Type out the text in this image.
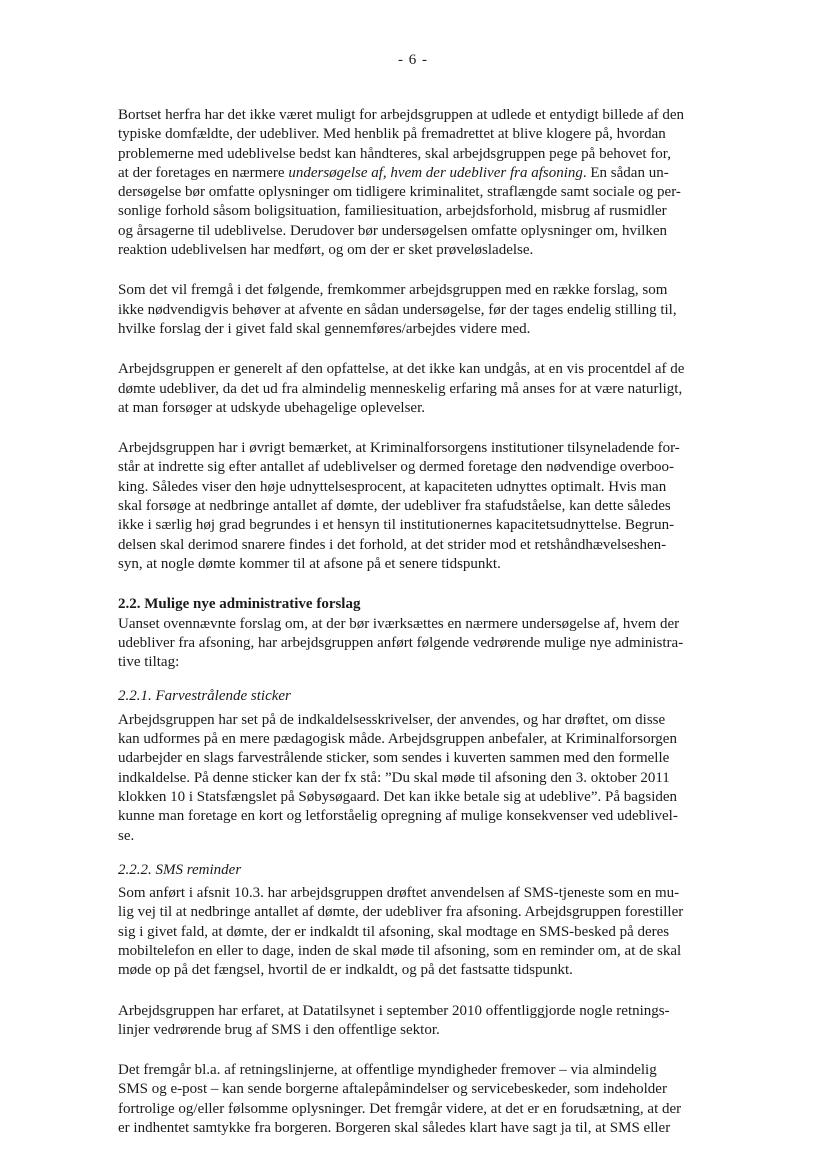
- 6 -
Bortset herfra har det ikke været muligt for arbejdsgruppen at udlede et entydigt billede af den
typiske domfældte, der udebliver. Med henblik på fremadrettet at blive klogere på, hvordan
problemerne med udeblivelse bedst kan håndteres, skal arbejdsgruppen pege på behovet for,
at der foretages en nærmere undersøgelse af, hvem der udebliver fra afsoning. En sådan un-
dersøgelse bør omfatte oplysninger om tidligere kriminalitet, straflængde samt sociale og per-
sonlige forhold såsom boligsituation, familiesituation, arbejdsforhold, misbrug af rusmidler
og årsagerne til udeblivelse. Derudover bør undersøgelsen omfatte oplysninger om, hvilken
reaktion udeblivelsen har medført, og om der er sket prøveløsladelse.
Som det vil fremgå i det følgende, fremkommer arbejdsgruppen med en række forslag, som
ikke nødvendigvis behøver at afvente en sådan undersøgelse, før der tages endelig stilling til,
hvilke forslag der i givet fald skal gennemføres/arbejdes videre med.
Arbejdsgruppen er generelt af den opfattelse, at det ikke kan undgås, at en vis procentdel af de
dømte udebliver, da det ud fra almindelig menneskelig erfaring må anses for at være naturligt,
at man forsøger at udskyde ubehagelige oplevelser.
Arbejdsgruppen har i øvrigt bemærket, at Kriminalforsorgens institutioner tilsyneladende for-
står at indrette sig efter antallet af udeblivelser og dermed foretage den nødvendige overboo-
king. Således viser den høje udnyttelsesprocent, at kapaciteten udnyttes optimalt. Hvis man
skal forsøge at nedbringe antallet af dømte, der udebliver fra stafudståelse, kan dette således
ikke i særlig høj grad begrundes i et hensyn til institutionernes kapacitetsudnyttelse. Begrun-
delsen skal derimod snarere findes i det forhold, at det strider mod et retshåndhævelseshen-
syn, at nogle dømte kommer til at afsone på et senere tidspunkt.
2.2. Mulige nye administrative forslag
Uanset ovennævnte forslag om, at der bør iværksættes en nærmere undersøgelse af, hvem der
udebliver fra afsoning, har arbejdsgruppen anført følgende vedrørende mulige nye administra-
tive tiltag:
2.2.1. Farvestrålende sticker
Arbejdsgruppen har set på de indkaldelsesskrivelser, der anvendes, og har drøftet, om disse
kan udformes på en mere pædagogisk måde. Arbejdsgruppen anbefaler, at Kriminalforsorgen
udarbejder en slags farvestrålende sticker, som sendes i kuverten sammen med den formelle
indkaldelse. På denne sticker kan der fx stå: ”Du skal møde til afsoning den 3. oktober 2011
klokken 10 i Statsfængslet på Søbysøgaard. Det kan ikke betale sig at udeblive”. På bagsiden
kunne man foretage en kort og letforståelig opregning af mulige konsekvenser ved udeblivel-
se.
2.2.2. SMS reminder
Som anført i afsnit 10.3. har arbejdsgruppen drøftet anvendelsen af SMS-tjeneste som en mu-
lig vej til at nedbringe antallet af dømte, der udebliver fra afsoning. Arbejdsgruppen forestiller
sig i givet fald, at dømte, der er indkaldt til afsoning, skal modtage en SMS-besked på deres
mobiltelefon en eller to dage, inden de skal møde til afsoning, som en reminder om, at de skal
møde op på det fængsel, hvortil de er indkaldt, og på det fastsatte tidspunkt.
Arbejdsgruppen har erfaret, at Datatilsynet i september 2010 offentliggjorde nogle retnings-
linjer vedrørende brug af SMS i den offentlige sektor.
Det fremgår bl.a. af retningslinjerne, at offentlige myndigheder fremover – via almindelig
SMS og e-post – kan sende borgerne aftalepåmindelser og servicebeskeder, som indeholder
fortrolige og/eller følsomme oplysninger. Det fremgår videre, at det er en forudsætning, at der
er indhentet samtykke fra borgeren. Borgeren skal således klart have sagt ja til, at SMS eller
